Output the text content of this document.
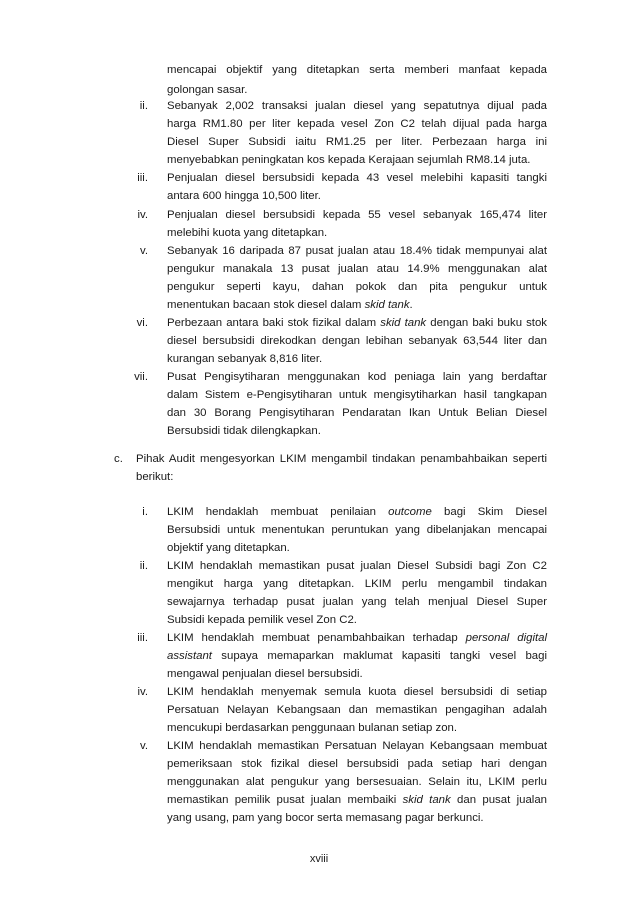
mencapai objektif yang ditetapkan serta memberi manfaat kepada
golongan sasar.
ii. Sebanyak 2,002 transaksi jualan diesel yang sepatutnya dijual pada
harga RM1.80 per liter kepada vesel Zon C2 telah dijual pada harga
Diesel Super Subsidi iaitu RM1.25 per liter. Perbezaan harga ini
menyebabkan peningkatan kos kepada Kerajaan sejumlah RM8.14 juta.
iii. Penjualan diesel bersubsidi kepada 43 vesel melebihi kapasiti tangki
antara 600 hingga 10,500 liter.
iv. Penjualan diesel bersubsidi kepada 55 vesel sebanyak 165,474 liter
melebihi kuota yang ditetapkan.
v. Sebanyak 16 daripada 87 pusat jualan atau 18.4% tidak mempunyai alat
pengukur manakala 13 pusat jualan atau 14.9% menggunakan alat
pengukur seperti kayu, dahan pokok dan pita pengukur untuk
menentukan bacaan stok diesel dalam skid tank.
vi. Perbezaan antara baki stok fizikal dalam skid tank dengan baki buku stok
diesel bersubsidi direkodkan dengan lebihan sebanyak 63,544 liter dan
kurangan sebanyak 8,816 liter.
vii. Pusat Pengisytiharan menggunakan kod peniaga lain yang berdaftar
dalam Sistem e-Pengisytiharan untuk mengisytiharkan hasil tangkapan
dan 30 Borang Pengisytiharan Pendaratan Ikan Untuk Belian Diesel
Bersubsidi tidak dilengkapkan.
c. Pihak Audit mengesyorkan LKIM mengambil tindakan penambahbaikan seperti
berikut:
i. LKIM hendaklah membuat penilaian outcome bagi Skim Diesel
Bersubsidi untuk menentukan peruntukan yang dibelanjakan mencapai
objektif yang ditetapkan.
ii. LKIM hendaklah memastikan pusat jualan Diesel Subsidi bagi Zon C2
mengikut harga yang ditetapkan. LKIM perlu mengambil tindakan
sewajarnya terhadap pusat jualan yang telah menjual Diesel Super
Subsidi kepada pemilik vesel Zon C2.
iii. LKIM hendaklah membuat penambahbaikan terhadap personal digital
assistant supaya memaparkan maklumat kapasiti tangki vesel bagi
mengawal penjualan diesel bersubsidi.
iv. LKIM hendaklah menyemak semula kuota diesel bersubsidi di setiap
Persatuan Nelayan Kebangsaan dan memastikan pengagihan adalah
mencukupi berdasarkan penggunaan bulanan setiap zon.
v. LKIM hendaklah memastikan Persatuan Nelayan Kebangsaan membuat
pemeriksaan stok fizikal diesel bersubsidi pada setiap hari dengan
menggunakan alat pengukur yang bersesuaian. Selain itu, LKIM perlu
memastikan pemilik pusat jualan membaiki skid tank dan pusat jualan
yang usang, pam yang bocor serta memasang pagar berkunci.
xviii
